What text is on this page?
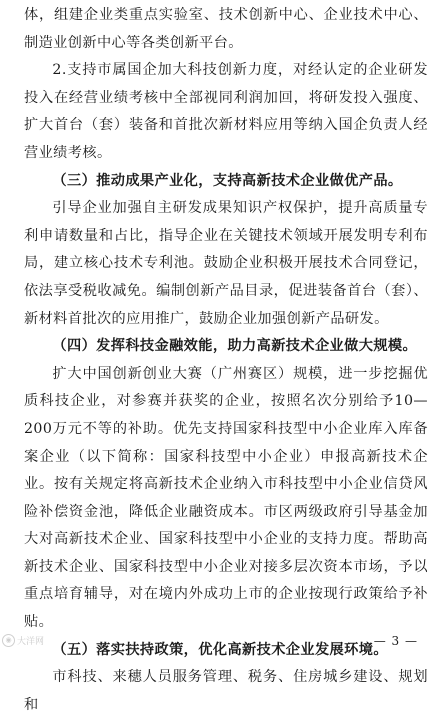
体，组建企业类重点实验室、技术创新中心、企业技术中心、制造业创新中心等各类创新平台。

2.支持市属国企加大科技创新力度，对经认定的企业研发投入在经营业绩考核中全部视同利润加回，将研发投入强度、扩大首台（套）装备和首批次新材料应用等纳入国企负责人经营业绩考核。

（三）推动成果产业化，支持高新技术企业做优产品。

引导企业加强自主研发成果知识产权保护，提升高质量专利申请数量和占比，指导企业在关键技术领域开展发明专利布局，建立核心技术专利池。鼓励企业积极开展技术合同登记，依法享受税收减免。编制创新产品目录，促进装备首台（套）、新材料首批次的应用推广，鼓励企业加强创新产品研发。

（四）发挥科技金融效能，助力高新技术企业做大规模。

扩大中国创新创业大赛（广州赛区）规模，进一步挖掘优质科技企业，对参赛并获奖的企业，按照名次分别给予10—200万元不等的补助。优先支持国家科技型中小企业库入库备案企业（以下简称：国家科技型中小企业）申报高新技术企业。按有关规定将高新技术企业纳入市科技型中小企业信贷风险补偿资金池，降低企业融资成本。市区两级政府引导基金加大对高新技术企业、国家科技型中小企业的支持力度。帮助高新技术企业、国家科技型中小企业对接多层次资本市场，予以重点培育辅导，对在境内外成功上市的企业按现行政策给予补贴。

（五）落实扶持政策，优化高新技术企业发展环境。

市科技、来穗人员服务管理、税务、住房城乡建设、规划和

◉ 大洋网	— 3 —
